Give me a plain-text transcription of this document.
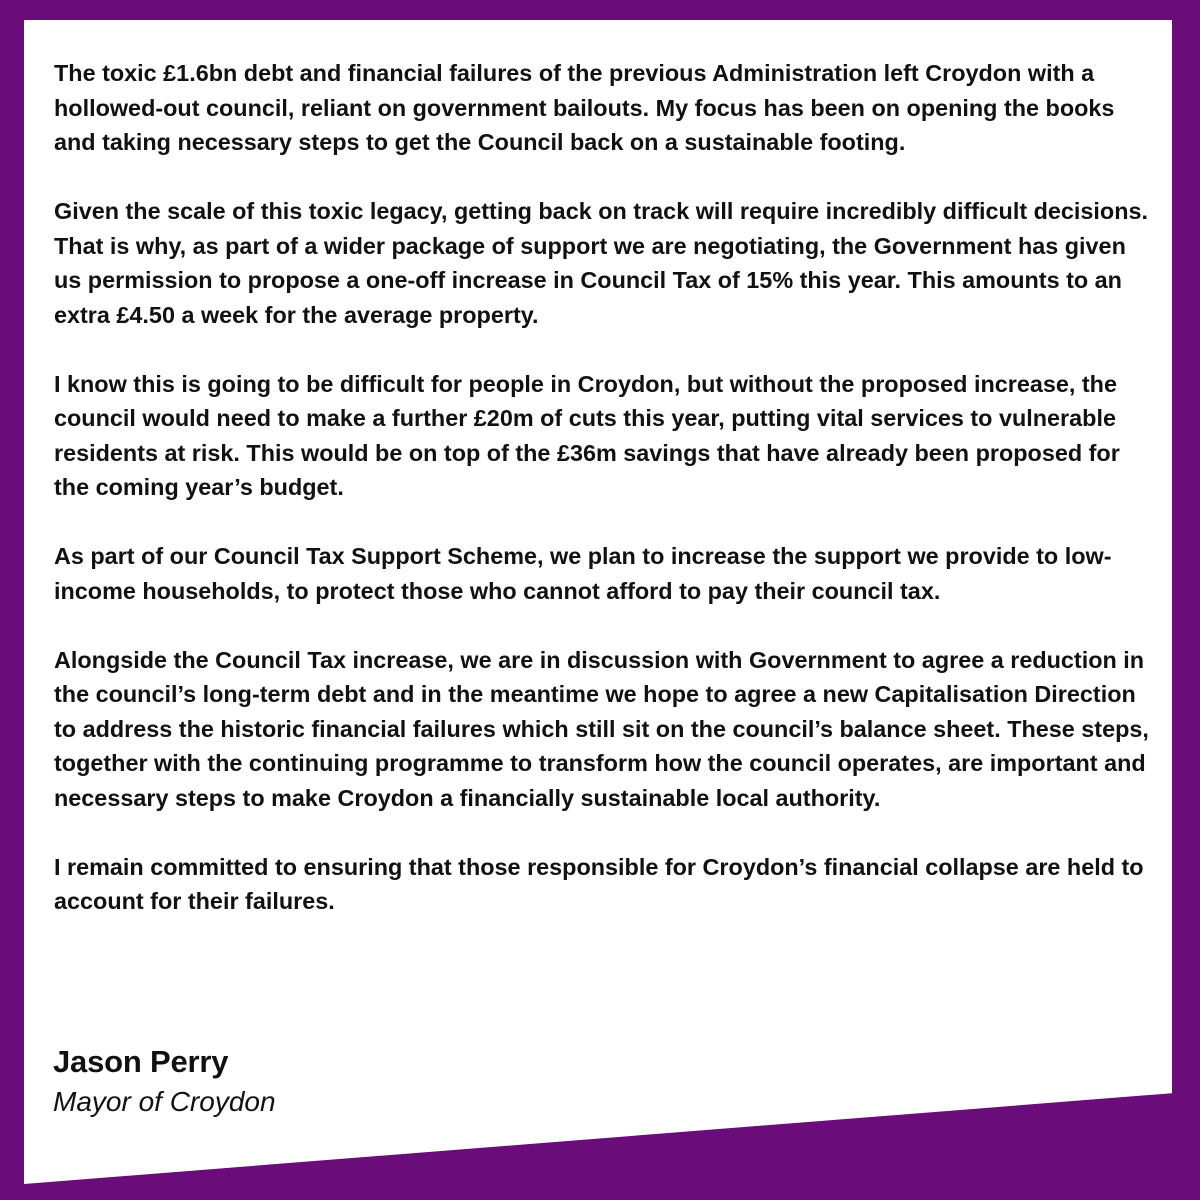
The toxic £1.6bn debt and financial failures of the previous Administration left Croydon with a hollowed-out council, reliant on government bailouts. My focus has been on opening the books and taking necessary steps to get the Council back on a sustainable footing.

Given the scale of this toxic legacy, getting back on track will require incredibly difficult decisions. That is why, as part of a wider package of support we are negotiating, the Government has given us permission to propose a one-off increase in Council Tax of 15% this year. This amounts to an extra £4.50 a week for the average property.

I know this is going to be difficult for people in Croydon, but without the proposed increase, the council would need to make a further £20m of cuts this year, putting vital services to vulnerable residents at risk. This would be on top of the £36m savings that have already been proposed for the coming year’s budget.

As part of our Council Tax Support Scheme, we plan to increase the support we provide to low-income households, to protect those who cannot afford to pay their council tax.

Alongside the Council Tax increase, we are in discussion with Government to agree a reduction in the council’s long-term debt and in the meantime we hope to agree a new Capitalisation Direction to address the historic financial failures which still sit on the council’s balance sheet. These steps, together with the continuing programme to transform how the council operates, are important and necessary steps to make Croydon a financially sustainable local authority.

I remain committed to ensuring that those responsible for Croydon’s financial collapse are held to account for their failures.

Jason Perry
Mayor of Croydon
